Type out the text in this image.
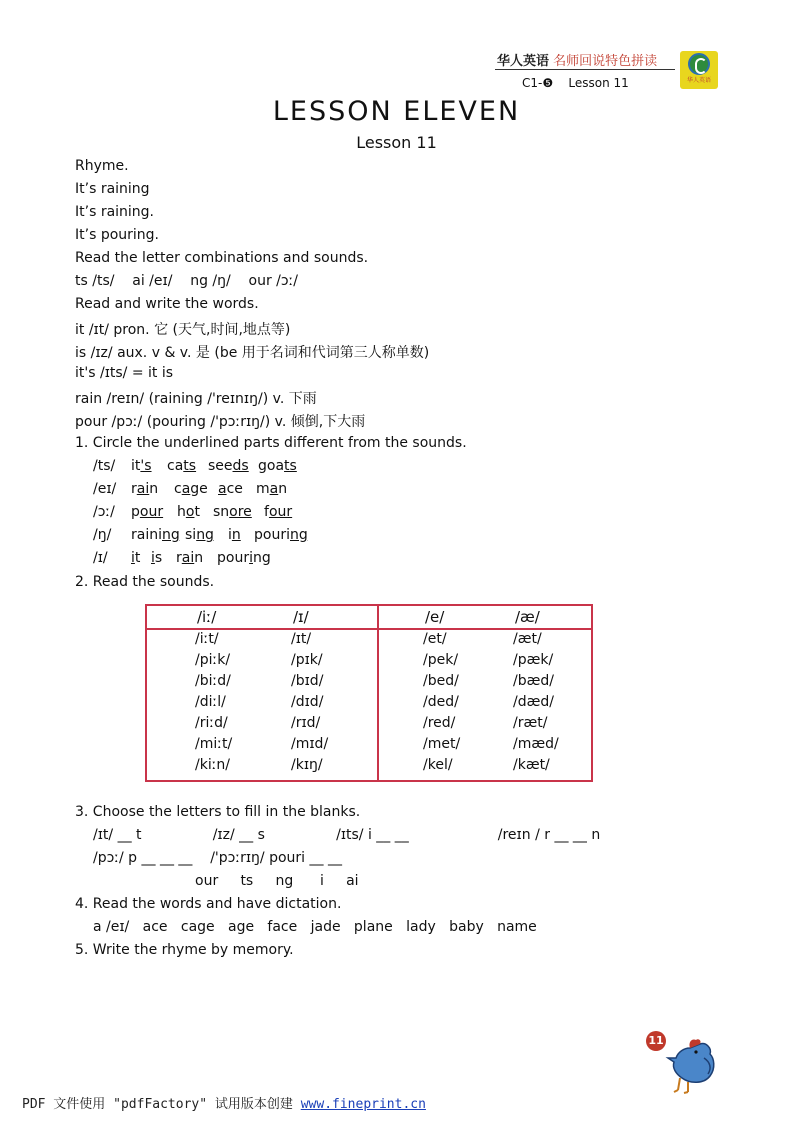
华人英语 名师回说特色拼读
C1-❺ Lesson 11	华人英语
LESSON ELEVEN
Lesson 11
Rhyme.
It’s raining
It’s raining.
It’s pouring.
Read the letter combinations and sounds.
ts /ts/    ai /eɪ/    ng /ŋ/    our /ɔː/
Read and write the words.
it /ɪt/ pron. 它 (天气,时间,地点等)
is /ɪz/ aux. v & v. 是 (be 用于名词和代词第三人称单数)
it's /ɪts/ = it is
rain /reɪn/ (raining /'reɪnɪŋ/) v. 下雨
pour /pɔː/ (pouring /'pɔːrɪŋ/) v. 倾倒,下大雨
1. Circle the underlined parts different from the sounds.
/ts/ it's cats seeds goats
/eɪ/ rain cage ace man
/ɔː/ pour hot snore four
/ŋ/ raining sing in pouring
/ɪ/ it is rain pouring
2. Read the sounds.
/iː/	/ɪ/	/e/	/æ/
/iːt/	/ɪt/	/et/	/æt/
/piːk/	/pɪk/	/pek/	/pæk/
/biːd/	/bɪd/	/bed/	/bæd/
/diːl/	/dɪd/	/ded/	/dæd/
/riːd/	/rɪd/	/red/	/ræt/
/miːt/	/mɪd/	/met/	/mæd/
/kiːn/	/kɪŋ/	/kel/	/kæt/
3. Choose the letters to fill in the blanks.
/ɪt/ __ t                /ɪz/ __ s                /ɪts/ i __ __                    /reɪn / r __ __ n
/pɔː/ p __ __ __    /'pɔːrɪŋ/ pouri __ __
our     ts     ng      i     ai
4. Read the words and have dictation.
a /eɪ/   ace   cage   age   face   jade   plane   lady   baby   name
5. Write the rhyme by memory.
11
PDF 文件使用 "pdfFactory" 试用版本创建 www.fineprint.cn
